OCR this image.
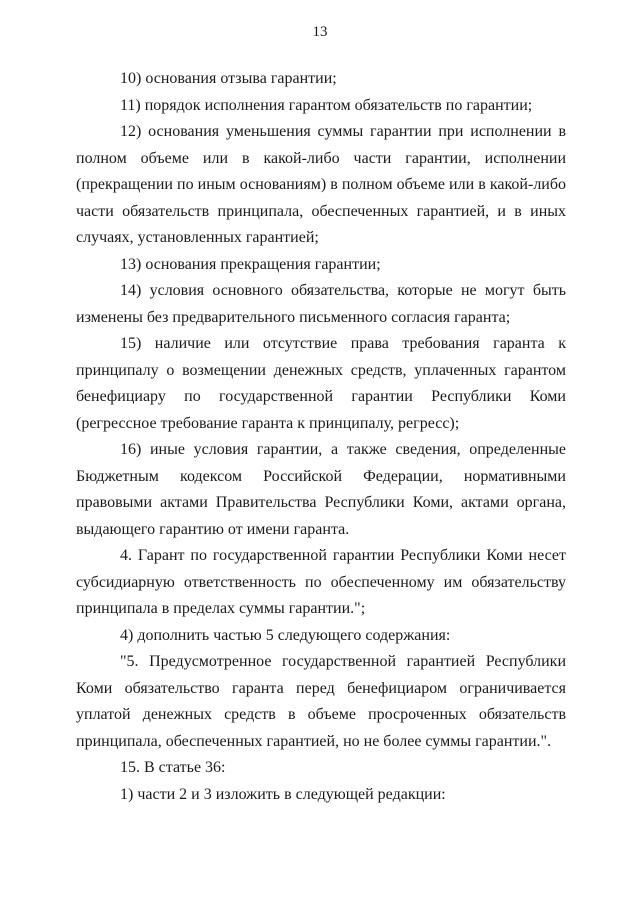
13

10) основания отзыва гарантии;

11) порядок исполнения гарантом обязательств по гарантии;

12) основания уменьшения суммы гарантии при исполнении в полном объеме или в какой-либо части гарантии, исполнении (прекращении по иным основаниям) в полном объеме или в какой-либо части обязательств принципала, обеспеченных гарантией, и в иных случаях, установленных гарантией;

13) основания прекращения гарантии;

14) условия основного обязательства, которые не могут быть изменены без предварительного письменного согласия гаранта;

15) наличие или отсутствие права требования гаранта к принципалу о возмещении денежных средств, уплаченных гарантом бенефициару по государственной гарантии Республики Коми (регрессное требование гаранта к принципалу, регресс);

16) иные условия гарантии, а также сведения, определенные Бюджетным кодексом Российской Федерации, нормативными правовыми актами Правительства Республики Коми, актами органа, выдающего гарантию от имени гаранта.

4. Гарант по государственной гарантии Республики Коми несет субсидиарную ответственность по обеспеченному им обязательству принципала в пределах суммы гарантии.";

4) дополнить частью 5 следующего содержания:

"5. Предусмотренное государственной гарантией Республики Коми обязательство гаранта перед бенефициаром ограничивается уплатой денежных средств в объеме просроченных обязательств принципала, обеспеченных гарантией, но не более суммы гарантии.".

15. В статье 36:

1) части 2 и 3 изложить в следующей редакции:
